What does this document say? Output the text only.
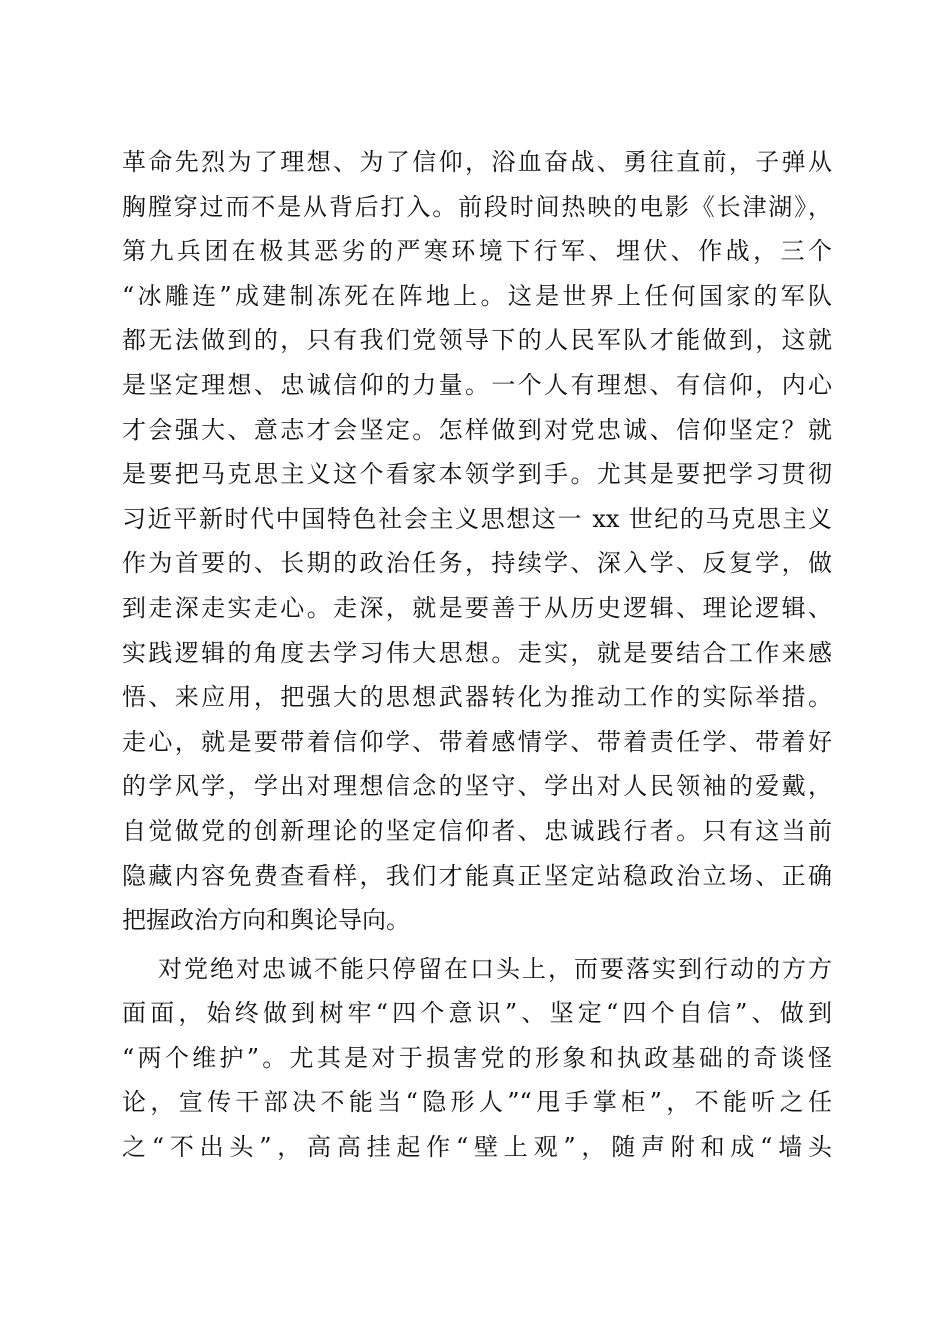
革命先烈为了理想、为了信仰，浴血奋战、勇往直前，子弹从
胸膛穿过而不是从背后打入。前段时间热映的电影《长津湖》，
第九兵团在极其恶劣的严寒环境下行军、埋伏、作战，三个
“冰雕连”成建制冻死在阵地上。这是世界上任何国家的军队
都无法做到的，只有我们党领导下的人民军队才能做到，这就
是坚定理想、忠诚信仰的力量。一个人有理想、有信仰，内心
才会强大、意志才会坚定。怎样做到对党忠诚、信仰坚定？就
是要把马克思主义这个看家本领学到手。尤其是要把学习贯彻
习近平新时代中国特色社会主义思想这一 xx 世纪的马克思主义
作为首要的、长期的政治任务，持续学、深入学、反复学，做
到走深走实走心。走深，就是要善于从历史逻辑、理论逻辑、
实践逻辑的角度去学习伟大思想。走实，就是要结合工作来感
悟、来应用，把强大的思想武器转化为推动工作的实际举措。
走心，就是要带着信仰学、带着感情学、带着责任学、带着好
的学风学，学出对理想信念的坚守、学出对人民领袖的爱戴，
自觉做党的创新理论的坚定信仰者、忠诚践行者。只有这当前
隐藏内容免费查看样，我们才能真正坚定站稳政治立场、正确
把握政治方向和舆论导向。
对党绝对忠诚不能只停留在口头上，而要落实到行动的方方
面面，始终做到树牢“四个意识”、坚定“四个自信”、做到
“两个维护”。尤其是对于损害党的形象和执政基础的奇谈怪
论，宣传干部决不能当“隐形人”“甩手掌柜”，不能听之任
之“不出头”，高高挂起作“壁上观”，随声附和成“墙头
